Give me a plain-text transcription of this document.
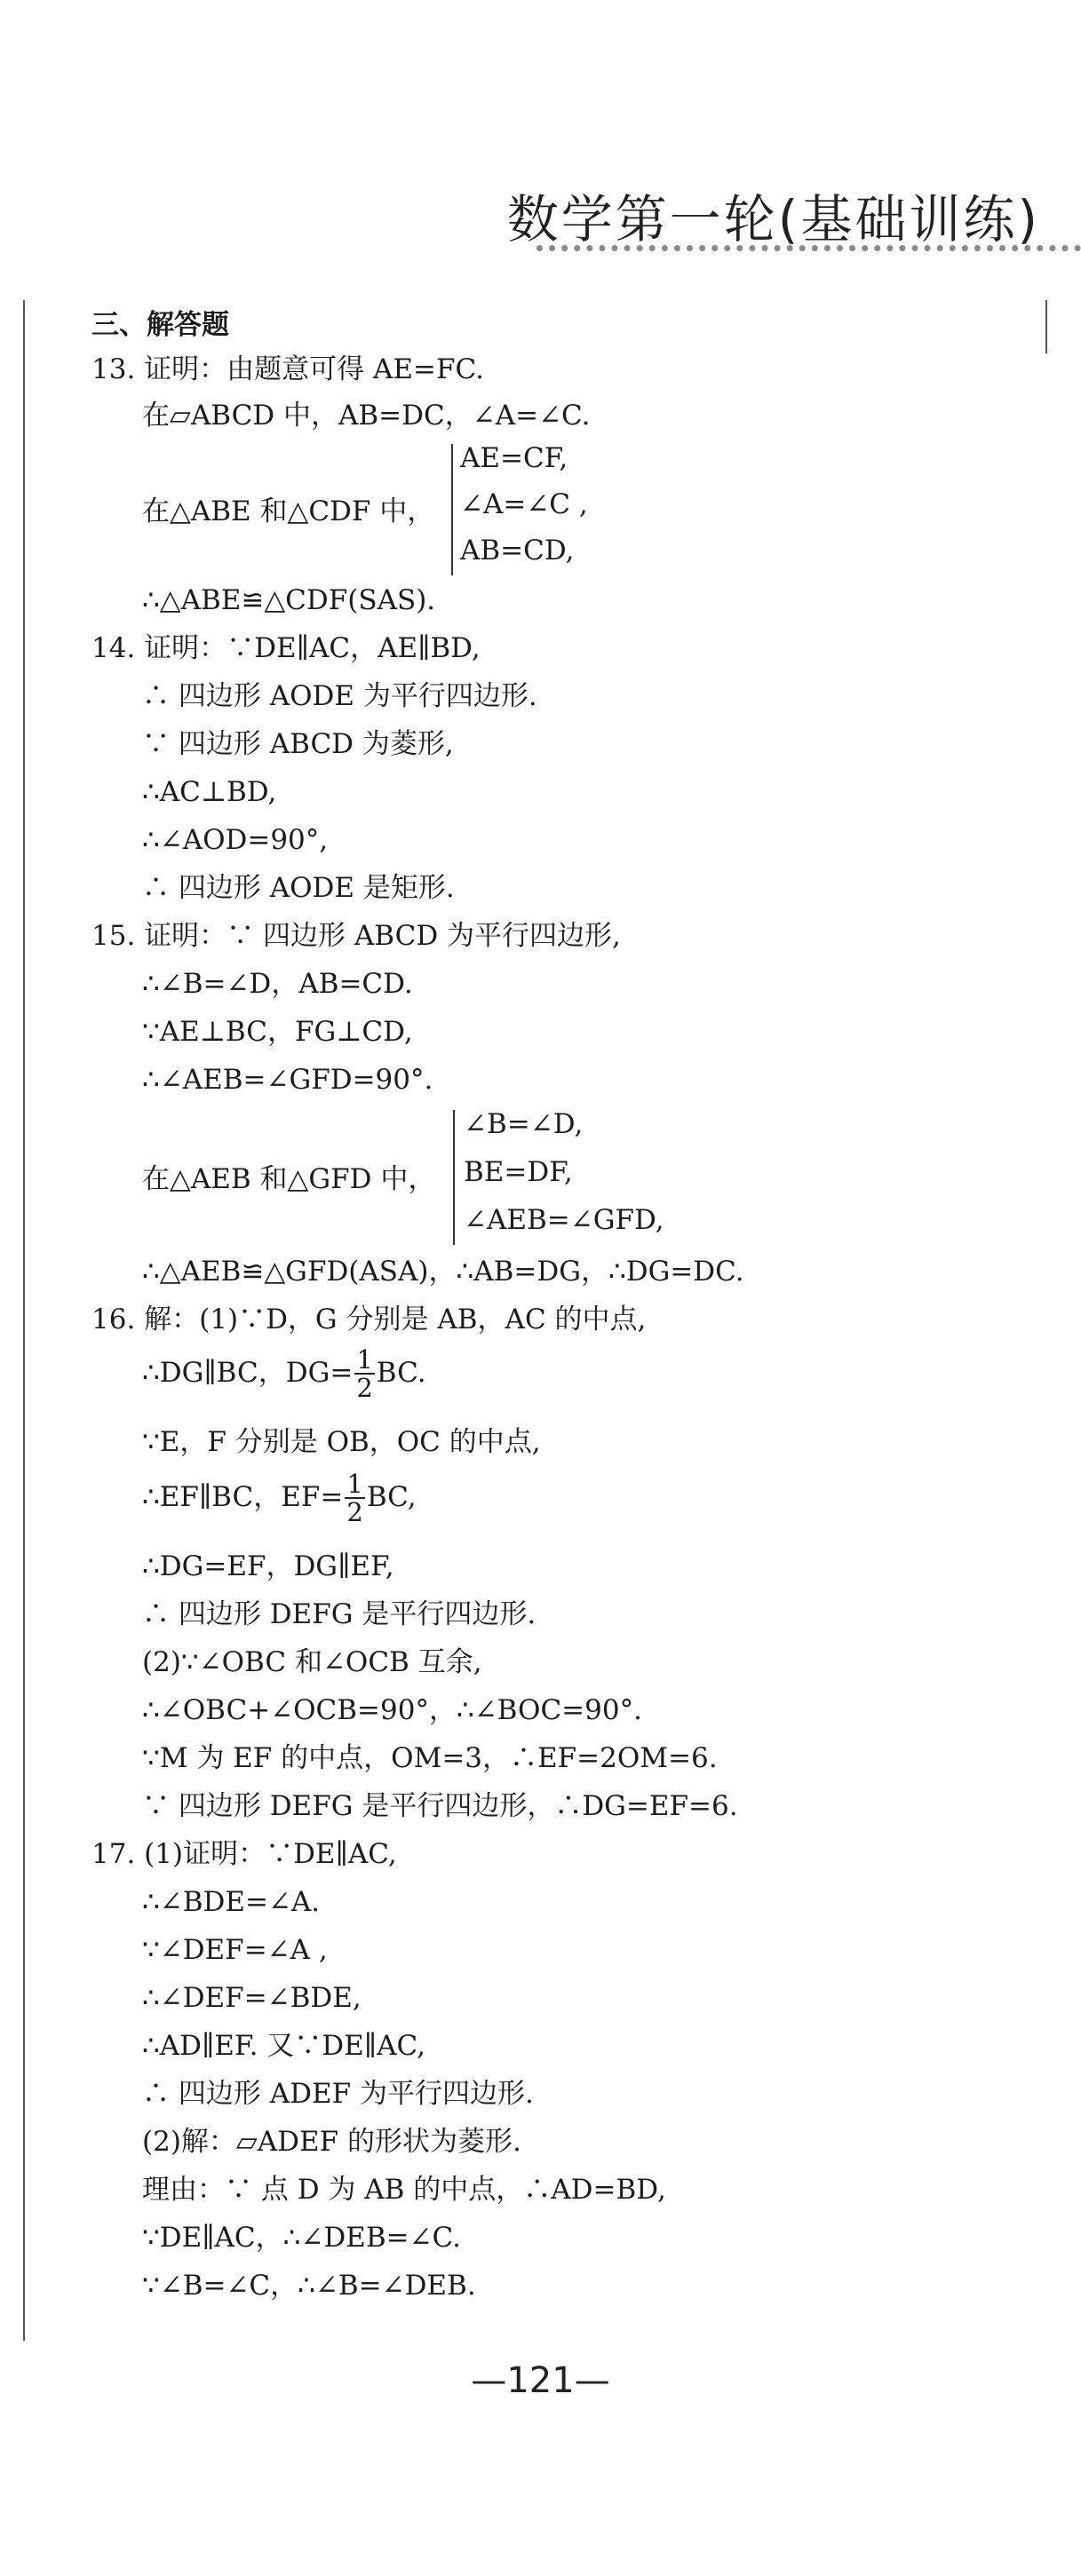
数学第一轮(基础训练)
三、解答题
13. 证明：由题意可得 AE=FC.
在▱ABCD 中，AB=DC，∠A=∠C.
在△ABE 和△CDF 中，
AE=CF,
∠A=∠C ,
AB=CD,
∴△ABE≌△CDF(SAS).
14. 证明：∵DE∥AC，AE∥BD,
∴ 四边形 AODE 为平行四边形.
∵ 四边形 ABCD 为菱形,
∴AC⊥BD,
∴∠AOD=90°,
∴ 四边形 AODE 是矩形.
15. 证明：∵ 四边形 ABCD 为平行四边形,
∴∠B=∠D，AB=CD.
∵AE⊥BC，FG⊥CD,
∴∠AEB=∠GFD=90°.
在△AEB 和△GFD 中，
∠B=∠D,
BE=DF,
∠AEB=∠GFD,
∴△AEB≌△GFD(ASA)，∴AB=DG，∴DG=DC.
16. 解：(1)∵D，G 分别是 AB，AC 的中点,
∴DG∥BC，$DG= \frac{1}{2}$ BC.
∵E，F 分别是 OB，OC 的中点,
∴EF∥BC，$EF= \frac{1}{2}$ BC,
∴DG=EF，DG∥EF,
∴ 四边形 DEFG 是平行四边形.
(2)∵∠OBC 和∠OCB 互余,
∴∠OBC+∠OCB=90°，∴∠BOC=90°.
∵M 为 EF 的中点，OM=3，∴EF=2OM=6.
∵ 四边形 DEFG 是平行四边形，∴DG=EF=6.
17. (1)证明：∵DE∥AC,
∴∠BDE=∠A.
∵∠DEF=∠A ,
∴∠DEF=∠BDE,
∴AD∥EF. 又∵DE∥AC,
∴ 四边形 ADEF 为平行四边形.
(2)解：▱ADEF 的形状为菱形.
理由：∵ 点 D 为 AB 的中点，∴AD=BD,
∵DE∥AC，∴∠DEB=∠C.
∵∠B=∠C，∴∠B=∠DEB.
—121—
